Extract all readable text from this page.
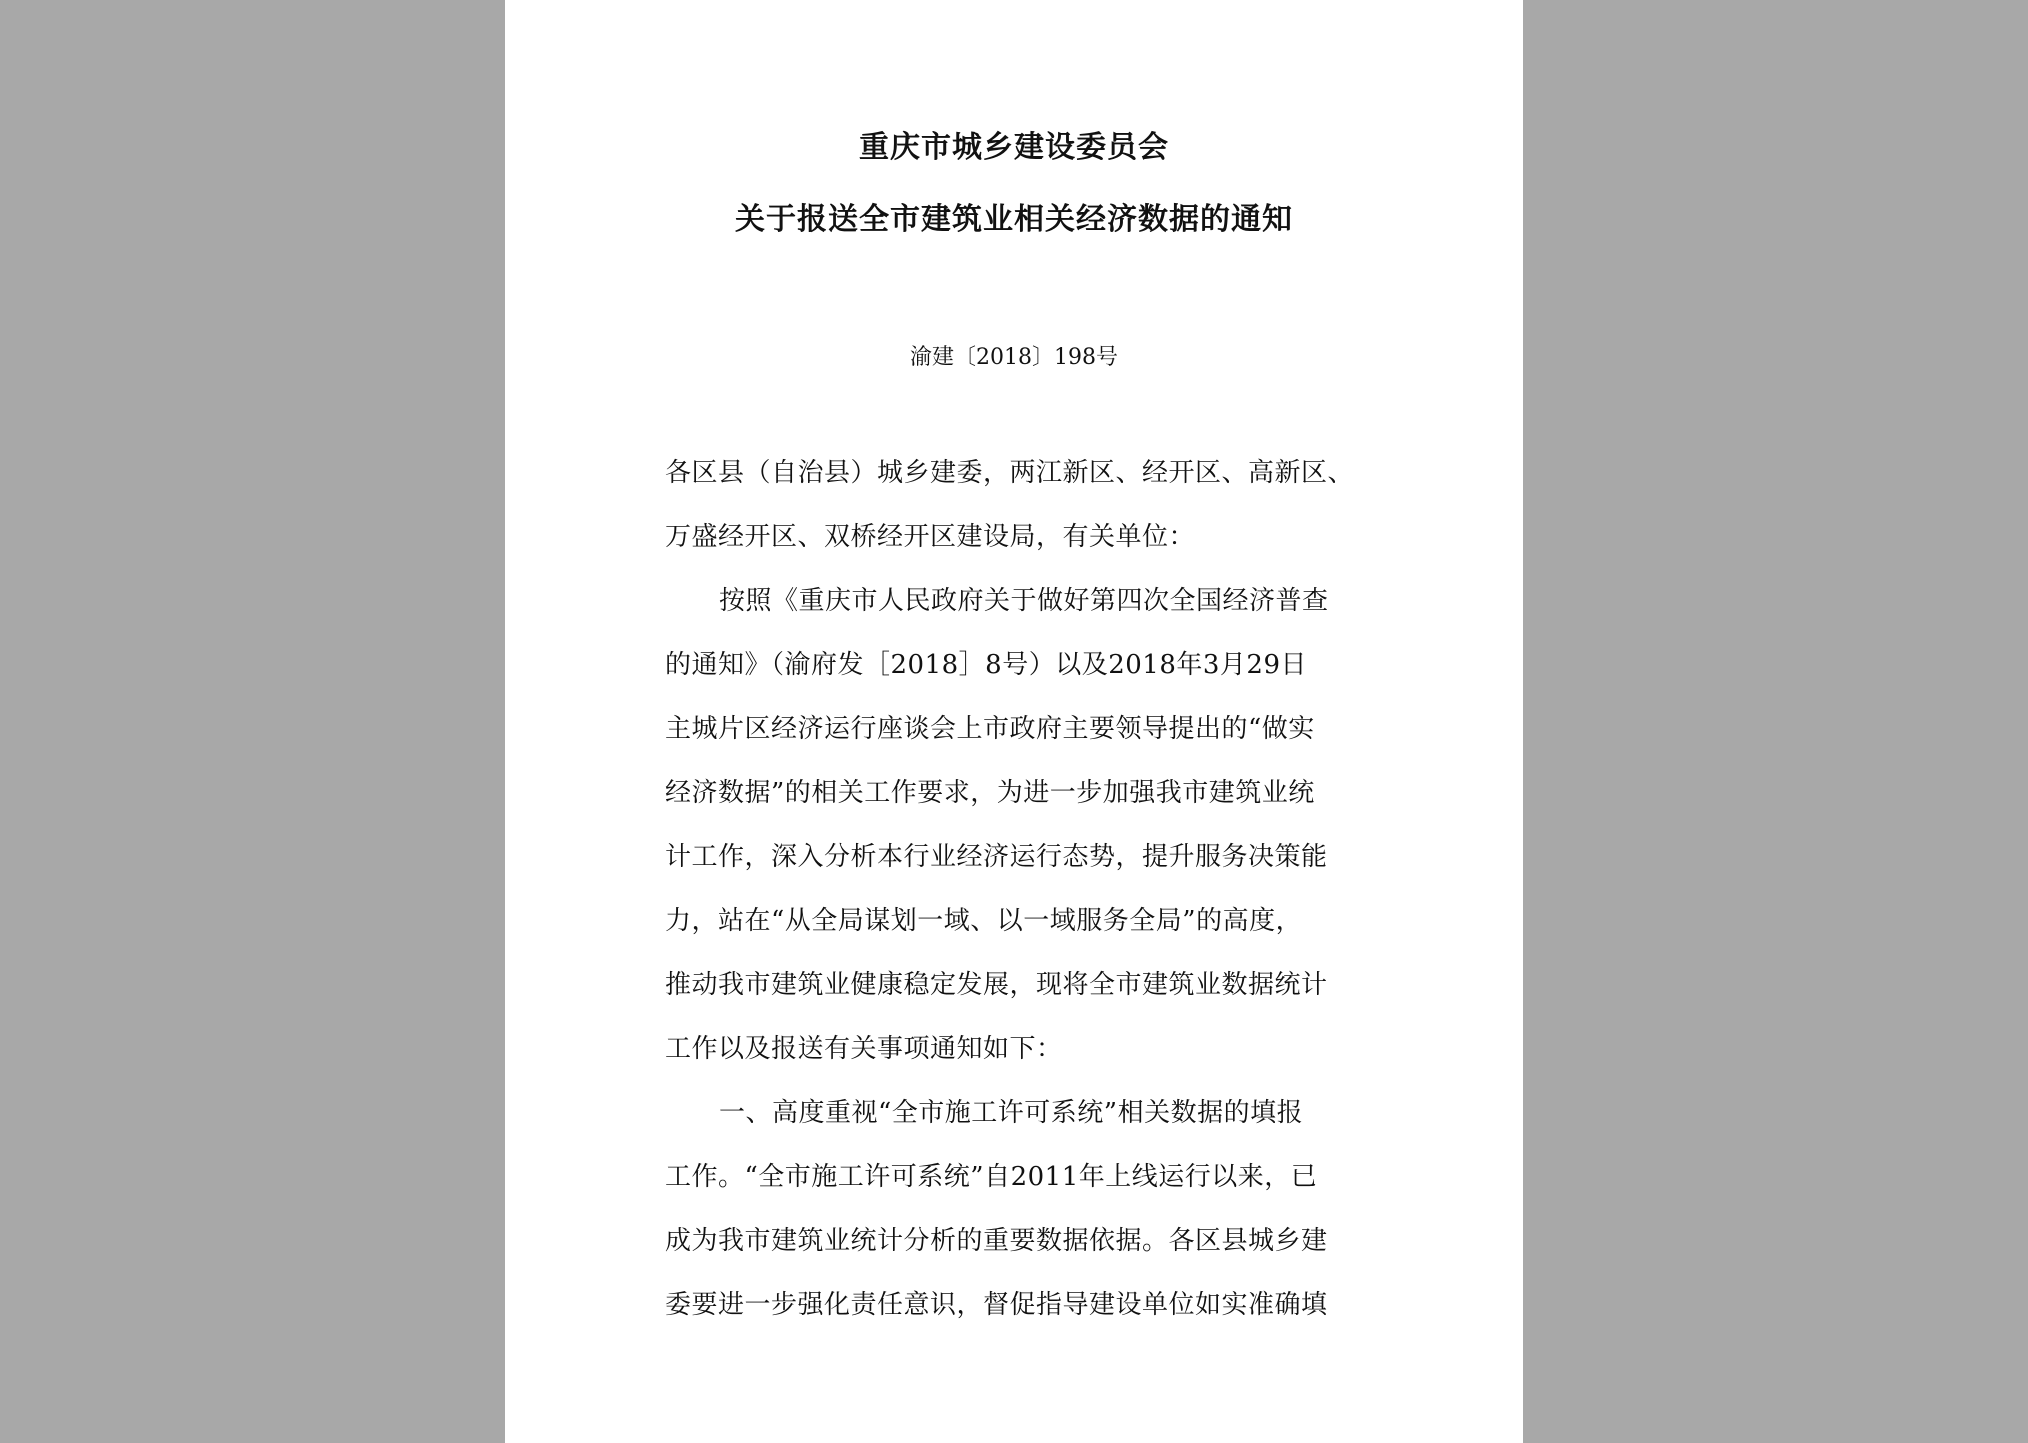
重庆市城乡建设委员会
关于报送全市建筑业相关经济数据的通知
渝建〔2018〕198号
各区县（自治县）城乡建委，两江新区、经开区、高新区、
万盛经开区、双桥经开区建设局，有关单位：
按照《重庆市人民政府关于做好第四次全国经济普查
的通知》（渝府发［2018］8号）以及2018年3月29日
主城片区经济运行座谈会上市政府主要领导提出的“做实
经济数据”的相关工作要求，为进一步加强我市建筑业统
计工作，深入分析本行业经济运行态势，提升服务决策能
力，站在“从全局谋划一域、以一域服务全局”的高度，
推动我市建筑业健康稳定发展，现将全市建筑业数据统计
工作以及报送有关事项通知如下：
一、高度重视“全市施工许可系统”相关数据的填报
工作。“全市施工许可系统”自2011年上线运行以来，已
成为我市建筑业统计分析的重要数据依据。各区县城乡建
委要进一步强化责任意识，督促指导建设单位如实准确填
